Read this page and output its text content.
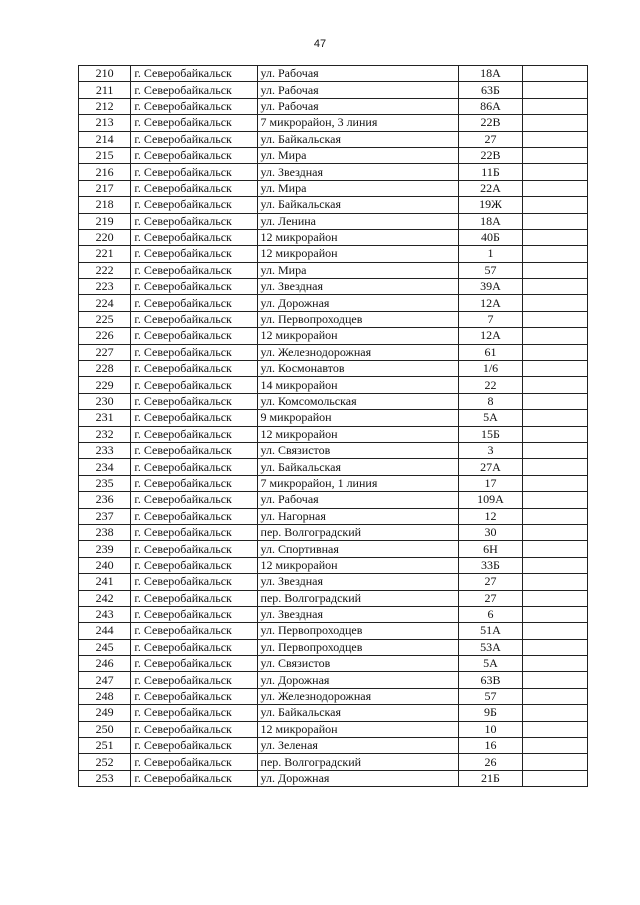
47
210	г. Северобайкальск	ул. Рабочая	18А	
211	г. Северобайкальск	ул. Рабочая	63Б	
212	г. Северобайкальск	ул. Рабочая	86А	
213	г. Северобайкальск	7 микрорайон, 3 линия	22В	
214	г. Северобайкальск	ул. Байкальская	27	
215	г. Северобайкальск	ул. Мира	22В	
216	г. Северобайкальск	ул. Звездная	11Б	
217	г. Северобайкальск	ул. Мира	22А	
218	г. Северобайкальск	ул. Байкальская	19Ж	
219	г. Северобайкальск	ул. Ленина	18А	
220	г. Северобайкальск	12 микрорайон	40Б	
221	г. Северобайкальск	12 микрорайон	1	
222	г. Северобайкальск	ул. Мира	57	
223	г. Северобайкальск	ул. Звездная	39А	
224	г. Северобайкальск	ул. Дорожная	12А	
225	г. Северобайкальск	ул. Первопроходцев	7	
226	г. Северобайкальск	12 микрорайон	12А	
227	г. Северобайкальск	ул. Железнодорожная	61	
228	г. Северобайкальск	ул. Космонавтов	1/6	
229	г. Северобайкальск	14 микрорайон	22	
230	г. Северобайкальск	ул. Комсомольская	8	
231	г. Северобайкальск	9 микрорайон	5А	
232	г. Северобайкальск	12 микрорайон	15Б	
233	г. Северобайкальск	ул. Связистов	3	
234	г. Северобайкальск	ул. Байкальская	27А	
235	г. Северобайкальск	7 микрорайон, 1 линия	17	
236	г. Северобайкальск	ул. Рабочая	109А	
237	г. Северобайкальск	ул. Нагорная	12	
238	г. Северобайкальск	пер. Волгоградский	30	
239	г. Северобайкальск	ул. Спортивная	6Н	
240	г. Северобайкальск	12 микрорайон	33Б	
241	г. Северобайкальск	ул. Звездная	27	
242	г. Северобайкальск	пер. Волгоградский	27	
243	г. Северобайкальск	ул. Звездная	6	
244	г. Северобайкальск	ул. Первопроходцев	51А	
245	г. Северобайкальск	ул. Первопроходцев	53А	
246	г. Северобайкальск	ул. Связистов	5А	
247	г. Северобайкальск	ул. Дорожная	63В	
248	г. Северобайкальск	ул. Железнодорожная	57	
249	г. Северобайкальск	ул. Байкальская	9Б	
250	г. Северобайкальск	12 микрорайон	10	
251	г. Северобайкальск	ул. Зеленая	16	
252	г. Северобайкальск	пер. Волгоградский	26	
253	г. Северобайкальск	ул. Дорожная	21Б	
